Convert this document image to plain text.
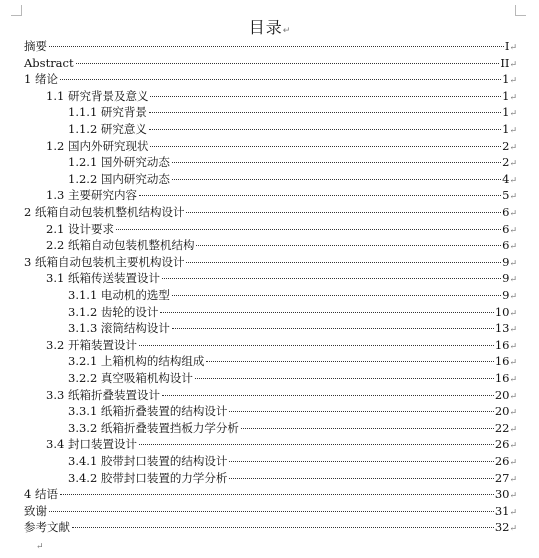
目录↵
摘要	I ↵
Abstract	II ↵
1 绪论	1 ↵
1.1 研究背景及意义	1 ↵
1.1.1 研究背景	1 ↵
1.1.2 研究意义	1 ↵
1.2 国内外研究现状	2 ↵
1.2.1 国外研究动态	2 ↵
1.2.2 国内研究动态	4 ↵
1.3 主要研究内容	5 ↵
2 纸箱自动包装机整机结构设计	6 ↵
2.1 设计要求	6 ↵
2.2 纸箱自动包装机整机结构	6 ↵
3 纸箱自动包装机主要机构设计	9 ↵
3.1 纸箱传送装置设计	9 ↵
3.1.1 电动机的选型	9 ↵
3.1.2 齿轮的设计	10 ↵
3.1.3 滚筒结构设计	13 ↵
3.2 开箱装置设计	16 ↵
3.2.1 上箱机构的结构组成	16 ↵
3.2.2 真空吸箱机构设计	16 ↵
3.3 纸箱折叠装置设计	20 ↵
3.3.1 纸箱折叠装置的结构设计	20 ↵
3.3.2 纸箱折叠装置挡板力学分析	22 ↵
3.4 封口装置设计	26 ↵
3.4.1 胶带封口装置的结构设计	26 ↵
3.4.2 胶带封口装置的力学分析	27 ↵
4 结语	30 ↵
致谢	31 ↵
参考文献	32 ↵
↵
